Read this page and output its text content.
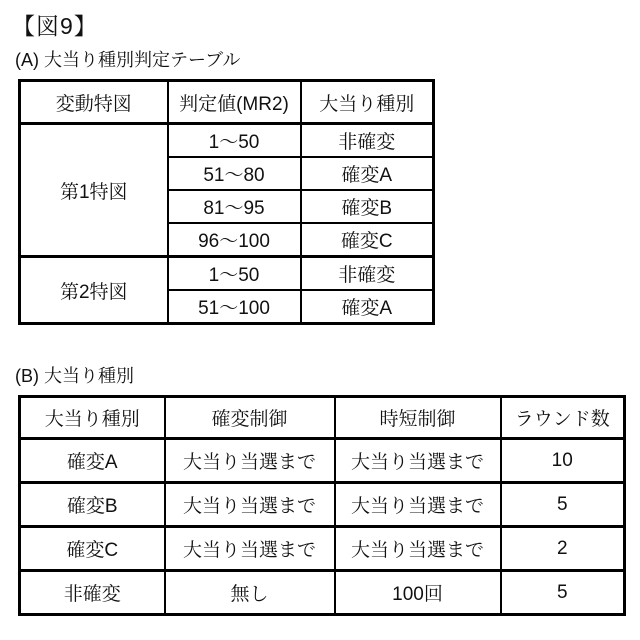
【図9】
(A) 大当り種別判定テーブル
変動特図	判定値(MR2)	大当り種別
第1特図	1〜50	非確変
	51〜80	確変A
	81〜95	確変B
	96〜100	確変C
第2特図	1〜50	非確変
	51〜100	確変A
(B) 大当り種別
大当り種別	確変制御	時短制御	ラウンド数
確変A	大当り当選まで	大当り当選まで	10
確変B	大当り当選まで	大当り当選まで	5
確変C	大当り当選まで	大当り当選まで	2
非確変	無し	100回	5
